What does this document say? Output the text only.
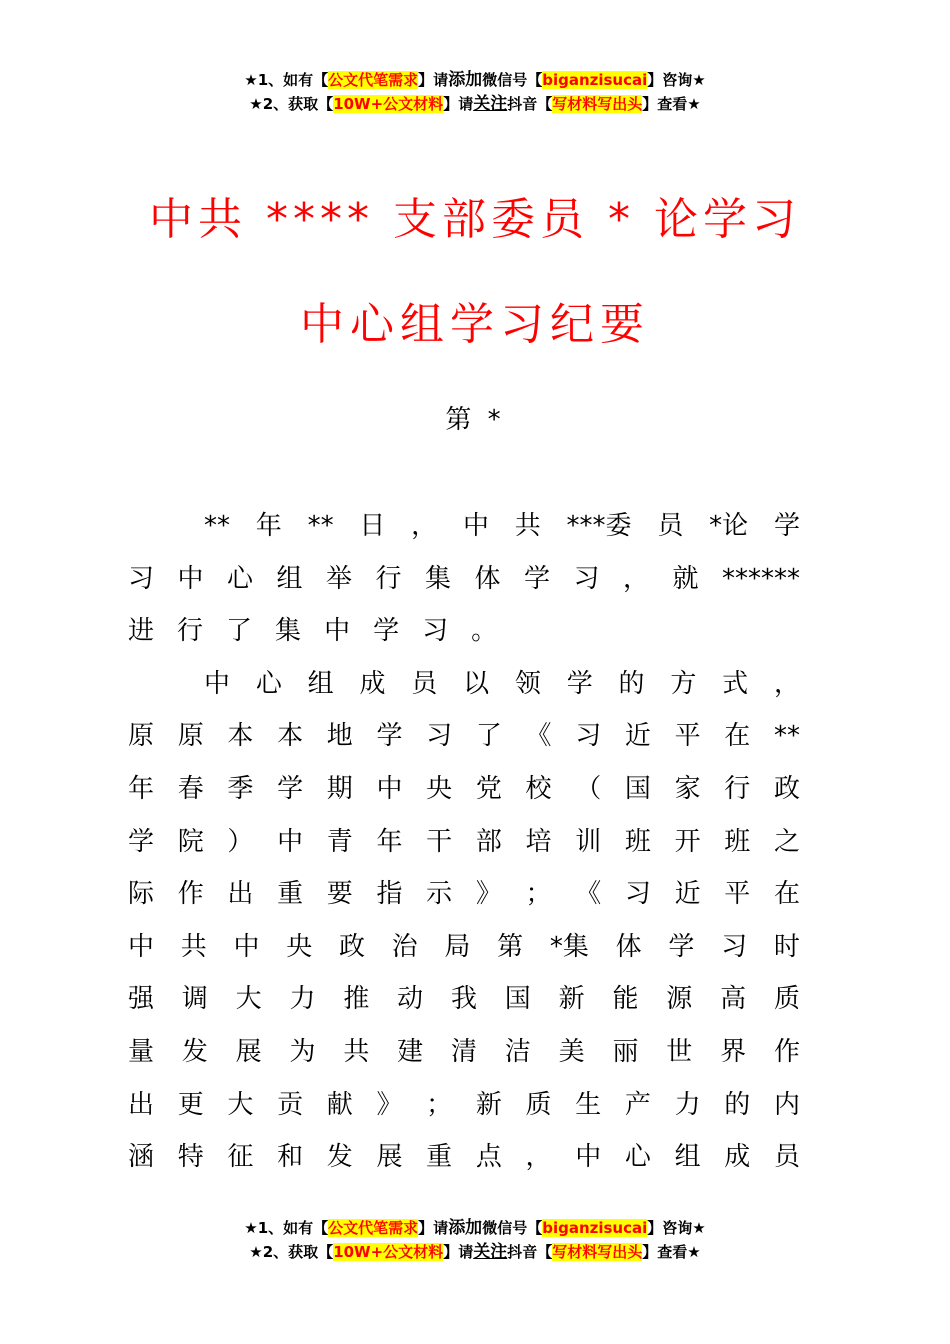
★1、如有【公文代笔需求】请添加微信号【biganzisucai】咨询★
★2、获取【10W+公文材料】请关注抖音【写材料写出头】查看★
中共 **** 支部委员 * 论学习
中心组学习纪要
第 *
** 年 ** 日 ， 中 共 ***委 员 *论 学
习 中 心 组 举 行 集 体 学 习 ， 就 ******
进 行 了 集 中 学 习 。
中 心 组 成 员 以 领 学 的 方 式 ，
原 原 本 本 地 学 习 了 《 习 近 平 在 **
年 春 季 学 期 中 央 党 校 （ 国 家 行 政
学 院 ） 中 青 年 干 部 培 训 班 开 班 之
际 作 出 重 要 指 示 》 ； 《 习 近 平 在
中 共 中 央 政 治 局 第 *集 体 学 习 时
强 调 大 力 推 动 我 国 新 能 源 高 质
量 发 展 为 共 建 清 洁 美 丽 世 界 作
出 更 大 贡 献 》 ； 新 质 生 产 力 的 内
涵 特 征 和 发 展 重 点 ， 中 心 组 成 员
★1、如有【公文代笔需求】请添加微信号【biganzisucai】咨询★
★2、获取【10W+公文材料】请关注抖音【写材料写出头】查看★
